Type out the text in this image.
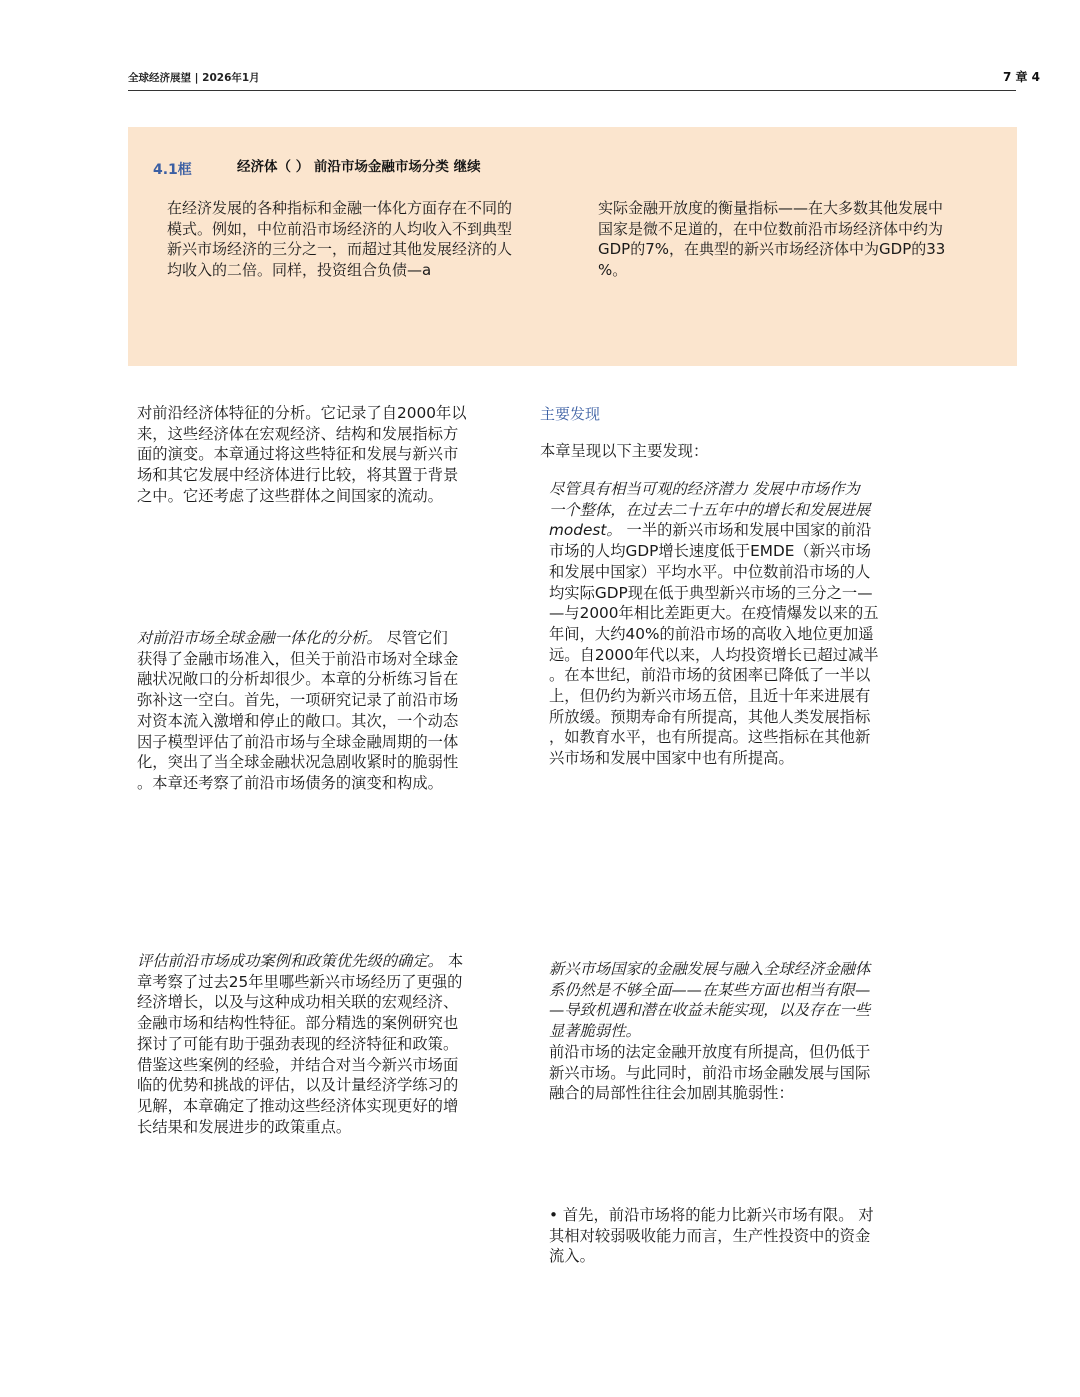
全球经济展望 | 2026年1月	7 章 4
4.1框	经济体（ ） 前沿市场金融市场分类 继续

在经济发展的各种指标和金融一体化方面存在不同的
模式。例如，中位前沿市场经济的人均收入不到典型
新兴市场经济的三分之一，而超过其他发展经济的人
均收入的二倍。同样，投资组合负债—a

实际金融开放度的衡量指标——在大多数其他发展中
国家是微不足道的，在中位数前沿市场经济体中约为
GDP的7%，在典型的新兴市场经济体中为GDP的33
%。

对前沿经济体特征的分析。它记录了自2000年以
来，这些经济体在宏观经济、结构和发展指标方
面的演变。本章通过将这些特征和发展与新兴市
场和其它发展中经济体进行比较，将其置于背景
之中。它还考虑了这些群体之间国家的流动。

对前沿市场全球金融一体化的分析。 尽管它们
获得了金融市场准入，但关于前沿市场对全球金
融状况敞口的分析却很少。本章的分析练习旨在
弥补这一空白。首先，一项研究记录了前沿市场
对资本流入激增和停止的敞口。其次，一个动态
因子模型评估了前沿市场与全球金融周期的一体
化，突出了当全球金融状况急剧收紧时的脆弱性
。本章还考察了前沿市场债务的演变和构成。

评估前沿市场成功案例和政策优先级的确定。 本
章考察了过去25年里哪些新兴市场经历了更强的
经济增长，以及与这种成功相关联的宏观经济、
金融市场和结构性特征。部分精选的案例研究也
探讨了可能有助于强劲表现的经济特征和政策。
借鉴这些案例的经验，并结合对当今新兴市场面
临的优势和挑战的评估，以及计量经济学练习的
见解，本章确定了推动这些经济体实现更好的增
长结果和发展进步的政策重点。

主要发现

本章呈现以下主要发现：

尽管具有相当可观的经济潜力 发展中市场作为
一个整体，在过去二十五年中的增长和发展进展
modest。 一半的新兴市场和发展中国家的前沿
市场的人均GDP增长速度低于EMDE（新兴市场
和发展中国家）平均水平。中位数前沿市场的人
均实际GDP现在低于典型新兴市场的三分之一—
—与2000年相比差距更大。在疫情爆发以来的五
年间，大约40%的前沿市场的高收入地位更加遥
远。自2000年代以来，人均投资增长已超过减半
。在本世纪，前沿市场的贫困率已降低了一半以
上，但仍约为新兴市场五倍，且近十年来进展有
所放缓。预期寿命有所提高，其他人类发展指标
，如教育水平，也有所提高。这些指标在其他新
兴市场和发展中国家中也有所提高。

新兴市场国家的金融发展与融入全球经济金融体
系仍然是不够全面——在某些方面也相当有限—
—导致机遇和潜在收益未能实现，以及存在一些
显著脆弱性。

前沿市场的法定金融开放度有所提高，但仍低于
新兴市场。与此同时，前沿市场金融发展与国际
融合的局部性往往会加剧其脆弱性：

• 首先，前沿市场将的能力比新兴市场有限。 对
其相对较弱吸收能力而言，生产性投资中的资金
流入。
